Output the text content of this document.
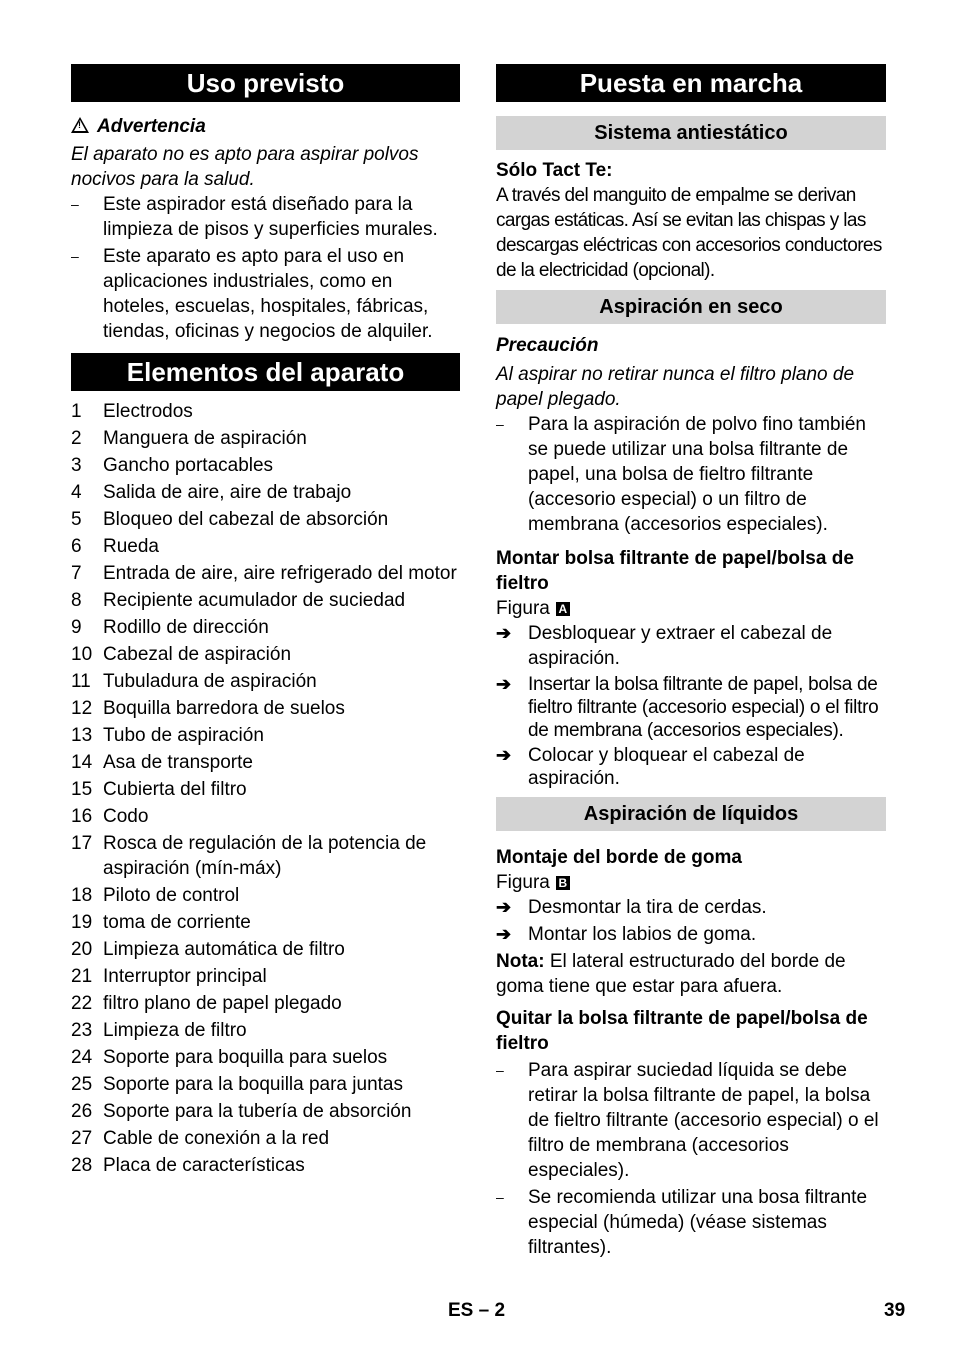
Uso previsto

!Advertencia

El aparato no es apto para aspirar polvos nocivos para la salud.

– Este aspirador está diseñado para la limpieza de pisos y superficies murales.
– Este aparato es apto para el uso en aplicaciones industriales, como en hoteles, escuelas, hospitales, fábricas, tiendas, oficinas y negocios de alquiler.
Elementos del aparato
1 Electrodos
2 Manguera de aspiración
3 Gancho portacables
4 Salida de aire, aire de trabajo
5 Bloqueo del cabezal de absorción
6 Rueda
7 Entrada de aire, aire refrigerado del motor
8 Recipiente acumulador de suciedad
9 Rodillo de dirección
10 Cabezal de aspiración
11 Tubuladura de aspiración
12 Boquilla barredora de suelos
13 Tubo de aspiración
14 Asa de transporte
15 Cubierta del filtro
16 Codo
17 Rosca de regulación de la potencia de aspiración (mín-máx)
18 Piloto de control
19 toma de corriente
20 Limpieza automática de filtro
21 Interruptor principal
22 filtro plano de papel plegado
23 Limpieza de filtro
24 Soporte para boquilla para suelos
25 Soporte para la boquilla para juntas
26 Soporte para la tubería de absorción
27 Cable de conexión a la red
28 Placa de características
Puesta en marcha
Sistema antiestático

Sólo Tact Te:

A través del manguito de empalme se derivan cargas estáticas. Así se evitan las chispas y las descargas eléctricas con accesorios conductores de la electricidad (opcional).

Aspiración en seco

Precaución

Al aspirar no retirar nunca el filtro plano de papel plegado.

– Para la aspiración de polvo fino también se puede utilizar una bolsa filtrante de papel, una bolsa de fieltro filtrante (accesorio especial) o un filtro de membrana (accesorios especiales).

Montar bolsa filtrante de papel/bolsa de fieltro

Figura A

➔ Desbloquear y extraer el cabezal de aspiración.
➔ Insertar la bolsa filtrante de papel, bolsa de fieltro filtrante (accesorio especial) o el filtro de membrana (accesorios especiales).
➔ Colocar y bloquear el cabezal de aspiración.
Aspiración de líquidos

Montaje del borde de goma

Figura B

➔ Desmontar la tira de cerdas.
➔ Montar los labios de goma.

Nota: El lateral estructurado del borde de goma tiene que estar para afuera.

Quitar la bolsa filtrante de papel/bolsa de fieltro

– Para aspirar suciedad líquida se debe retirar la bolsa filtrante de papel, la bolsa de fieltro filtrante (accesorio especial) o el filtro de membrana (accesorios especiales).
– Se recomienda utilizar una bosa filtrante especial (húmeda) (véase sistemas filtrantes).
ES – 2	39
